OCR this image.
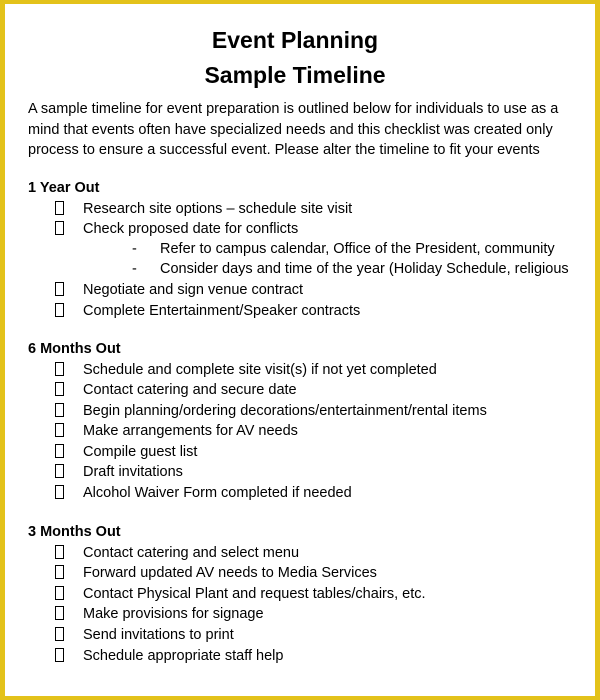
Event Planning
Sample Timeline
A sample timeline for event preparation is outlined below for individuals to use as a
mind that events often have specialized needs and this checklist was created only
process to ensure a successful event. Please alter the timeline to fit your events
1 Year Out
Research site options – schedule site visit
Check proposed date for conflicts
- Refer to campus calendar, Office of the President, community
- Consider days and time of the year (Holiday Schedule, religious
Negotiate and sign venue contract
Complete Entertainment/Speaker contracts
6 Months Out
Schedule and complete site visit(s) if not yet completed
Contact catering and secure date
Begin planning/ordering decorations/entertainment/rental items
Make arrangements for AV needs
Compile guest list
Draft invitations
Alcohol Waiver Form completed if needed
3 Months Out
Contact catering and select menu
Forward updated AV needs to Media Services
Contact Physical Plant and request tables/chairs, etc.
Make provisions for signage
Send invitations to print
Schedule appropriate staff help
